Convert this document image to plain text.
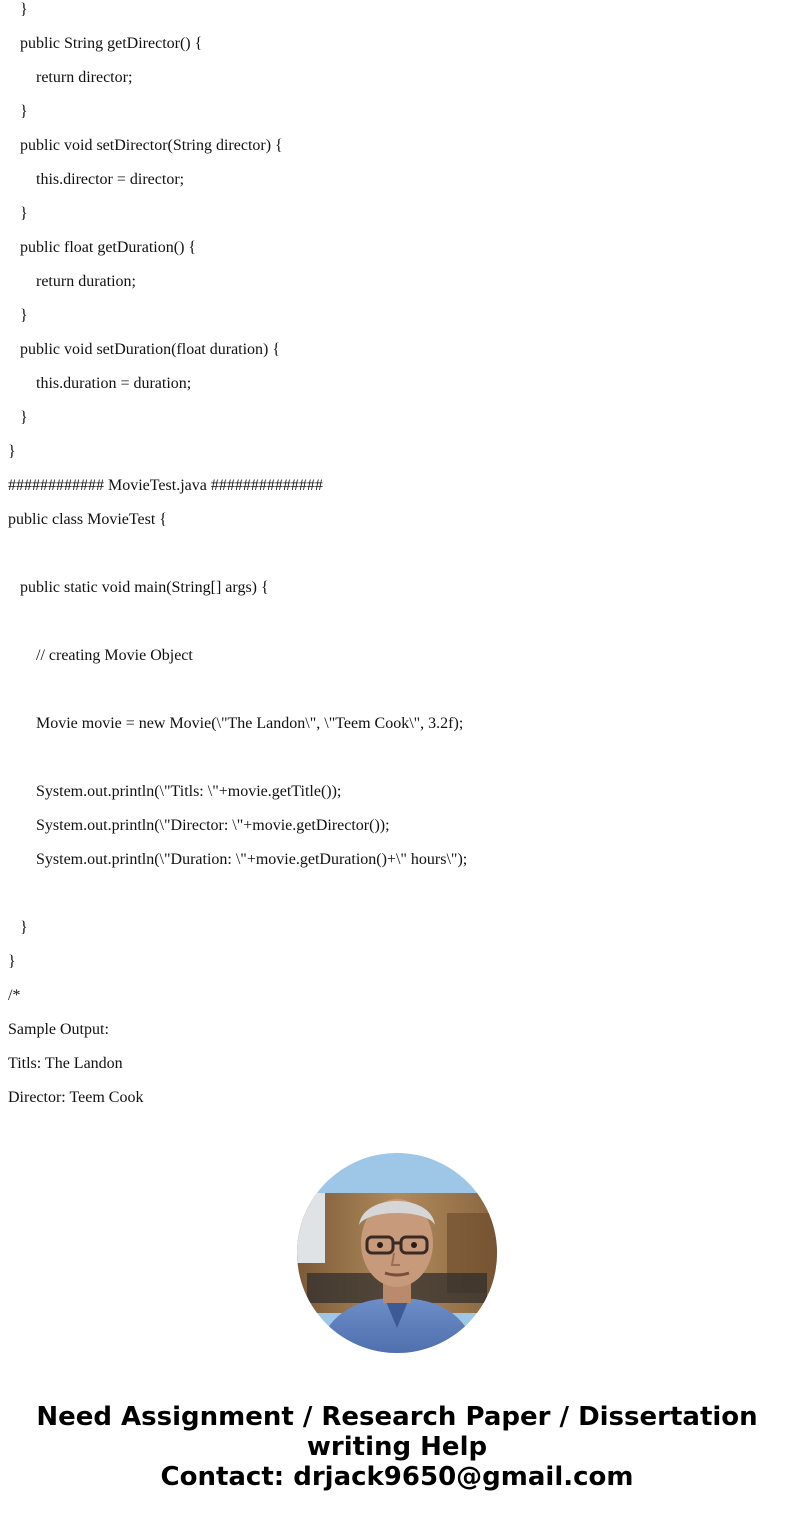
}
public String getDirector() {
return director;
}
public void setDirector(String director) {
this.director = director;
}
public float getDuration() {
return duration;
}
public void setDuration(float duration) {
this.duration = duration;
}
}
############ MovieTest.java ##############
public class MovieTest {
public static void main(String[] args) {
// creating Movie Object
Movie movie = new Movie(\"The Landon\", \"Teem Cook\", 3.2f);
System.out.println(\"Titls: \"+movie.getTitle());
System.out.println(\"Director: \"+movie.getDirector());
System.out.println(\"Duration: \"+movie.getDuration()+\" hours\");
}
}
/*
Sample Output:
Titls: The Landon
Director: Teem Cook
Need Assignment / Research Paper / Dissertation
writing Help
Contact: drjack9650@gmail.com
